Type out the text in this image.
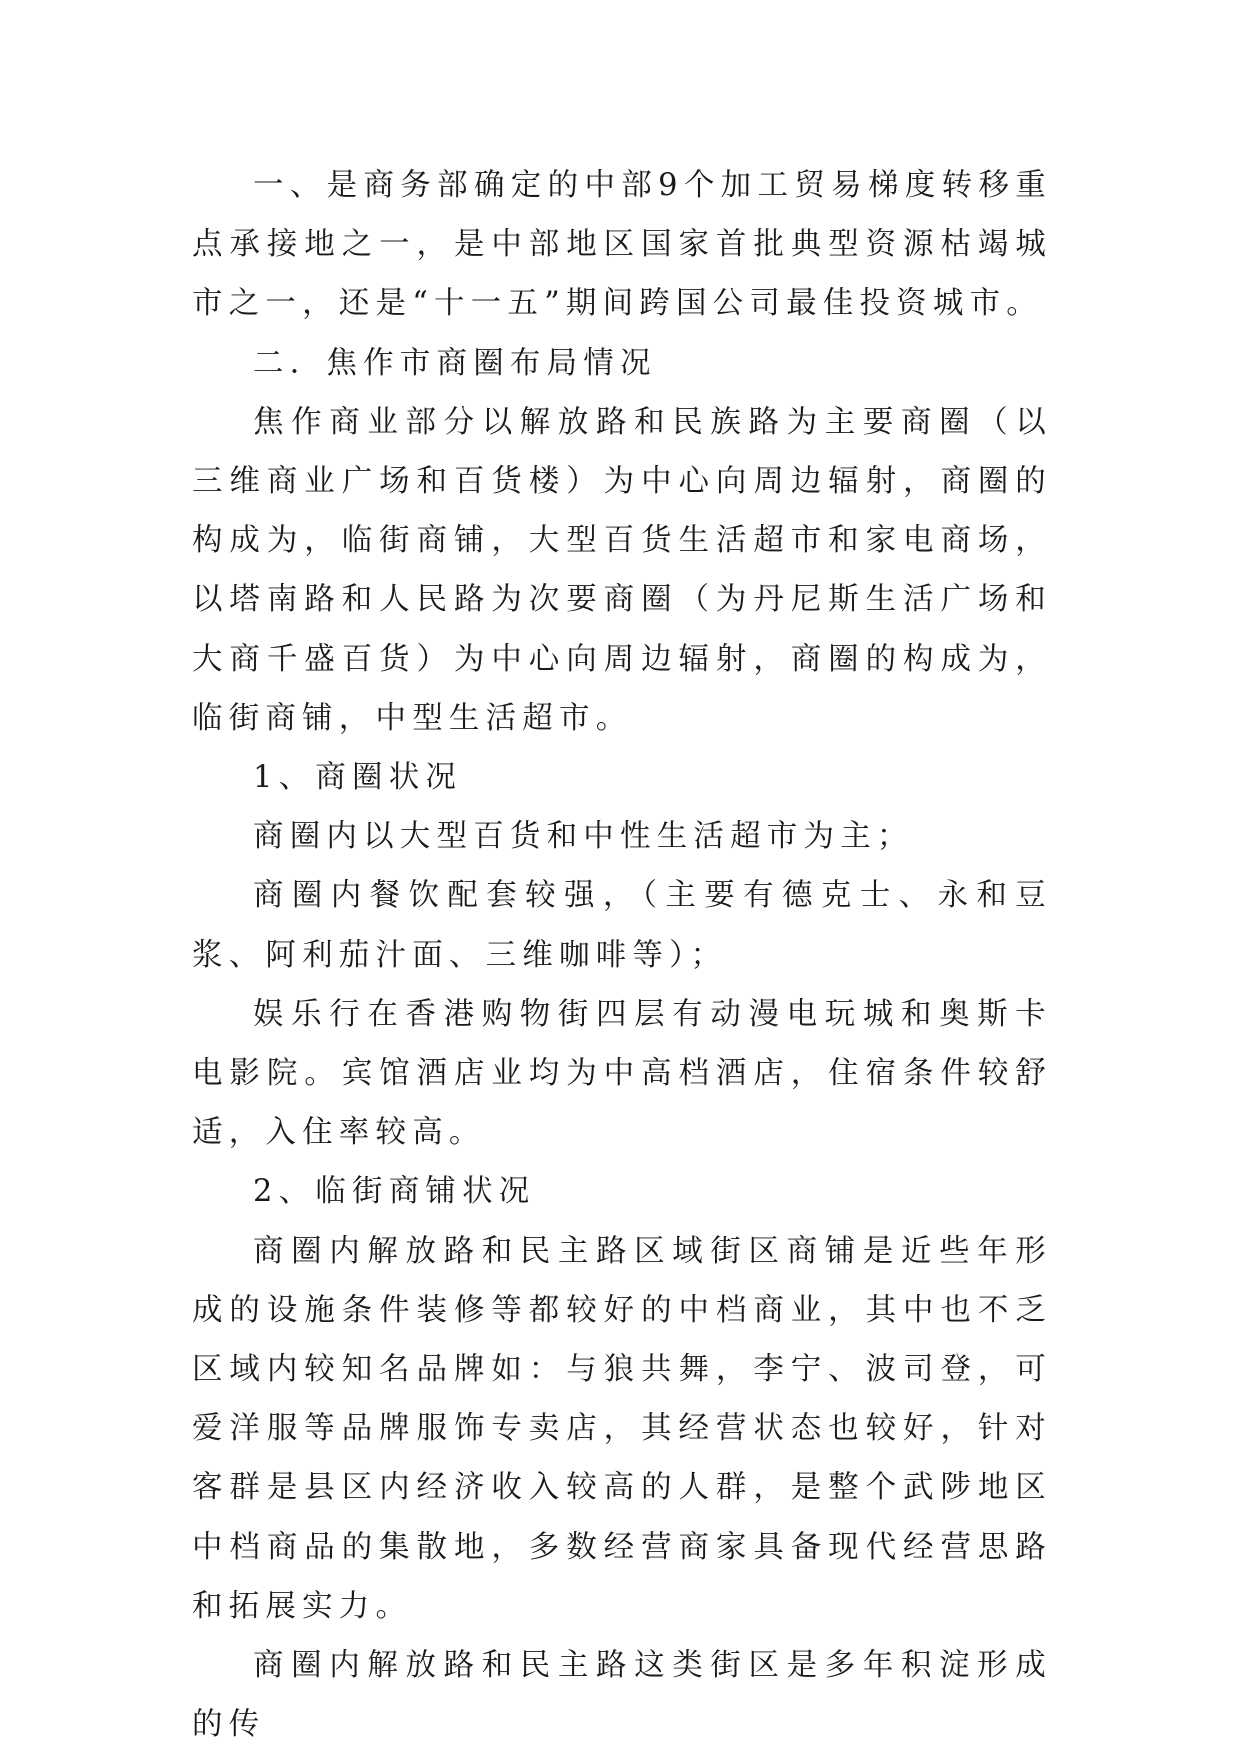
一、是商务部确定的中部9个加工贸易梯度转移重点承接地之一，是中部地区国家首批典型资源枯竭城市之一，还是“十一五”期间跨国公司最佳投资城市。

二．焦作市商圈布局情况

焦作商业部分以解放路和民族路为主要商圈（以三维商业广场和百货楼）为中心向周边辐射，商圈的构成为，临街商铺，大型百货生活超市和家电商场，以塔南路和人民路为次要商圈（为丹尼斯生活广场和大商千盛百货）为中心向周边辐射，商圈的构成为，临街商铺，中型生活超市。

1、商圈状况

商圈内以大型百货和中性生活超市为主；

商圈内餐饮配套较强，（主要有德克士、永和豆浆、阿利茄汁面、三维咖啡等）；

娱乐行在香港购物街四层有动漫电玩城和奥斯卡电影院。宾馆酒店业均为中高档酒店，住宿条件较舒适，入住率较高。

2、临街商铺状况

商圈内解放路和民主路区域街区商铺是近些年形成的设施条件装修等都较好的中档商业，其中也不乏区域内较知名品牌如：与狼共舞，李宁、波司登，可爱洋服等品牌服饰专卖店，其经营状态也较好，针对客群是县区内经济收入较高的人群，是整个武陟地区中档商品的集散地，多数经营商家具备现代经营思路和拓展实力。

商圈内解放路和民主路这类街区是多年积淀形成的传
